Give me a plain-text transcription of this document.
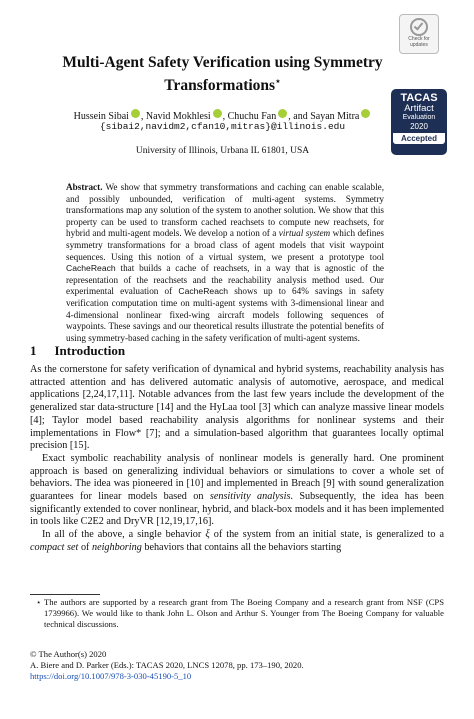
Check for
updates
TACAS
Artifact
Evaluation
2020
Accepted
Multi-Agent Safety Verification using Symmetry
Transformations⋆
Hussein Sibai , Navid Mokhlesi , Chuchu Fan , and Sayan Mitra
{sibai2,navidm2,cfan10,mitras}@illinois.edu
University of Illinois, Urbana IL 61801, USA
Abstract. We show that symmetry transformations and caching can enable scalable, and possibly unbounded, verification of multi-agent systems. Symmetry transformations map any solution of the system to another solution. We show that this property can be used to transform cached reachsets to compute new reachsets, for hybrid and multi-agent models. We develop a notion of a virtual system which defines symmetry transformations for a broad class of agent models that visit waypoint sequences. Using this notion of a virtual system, we present a prototype tool CacheReach that builds a cache of reachsets, in a way that is agnostic of the representation of the reachsets and the reachability analysis method used. Our experimental evaluation of CacheReach shows up to 64% savings in safety verification computation time on multi-agent systems with 3-dimensional linear and 4-dimensional nonlinear fixed-wing aircraft models following sequences of waypoints. These savings and our theoretical results illustrate the potential benefits of using symmetry-based caching in the safety verification of multi-agent systems.
1 Introduction

As the cornerstone for safety verification of dynamical and hybrid systems, reachability analysis has attracted attention and has delivered automatic analysis of automotive, aerospace, and medical applications [2,24,17,11]. Notable advances from the last few years include the development of the generalized star data-structure [14] and the HyLaa tool [3] which can analyze massive linear models [4]; Taylor model based reachability analysis algorithms for nonlinear systems and their implementations in Flow* [7]; and a simulation-based algorithm that guarantees locally optimal precision [15].

Exact symbolic reachability analysis of nonlinear models is generally hard. One prominent approach is based on generalizing individual behaviors or simulations to cover a whole set of behaviors. The idea was pioneered in [10] and implemented in Breach [9] with sound generalization guarantees for linear models based on sensitivity analysis. Subsequently, the idea has been significantly extended to cover nonlinear, hybrid, and black-box models and it has been implemented in tools like C2E2 and DryVR [12,19,17,16].

In all of the above, a single behavior ξ of the system from an initial state, is generalized to a compact set of neighboring behaviors that contains all the behaviors starting

⋆ The authors are supported by a research grant from The Boeing Company and a research grant from NSF (CPS 1739966). We would like to thank John L. Olson and Arthur S. Younger from The Boeing Company for valuable technical discussions.
© The Author(s) 2020
A. Biere and D. Parker (Eds.): TACAS 2020, LNCS 12078, pp. 173–190, 2020.
https://doi.org/10.1007/978-3-030-45190-5_10
